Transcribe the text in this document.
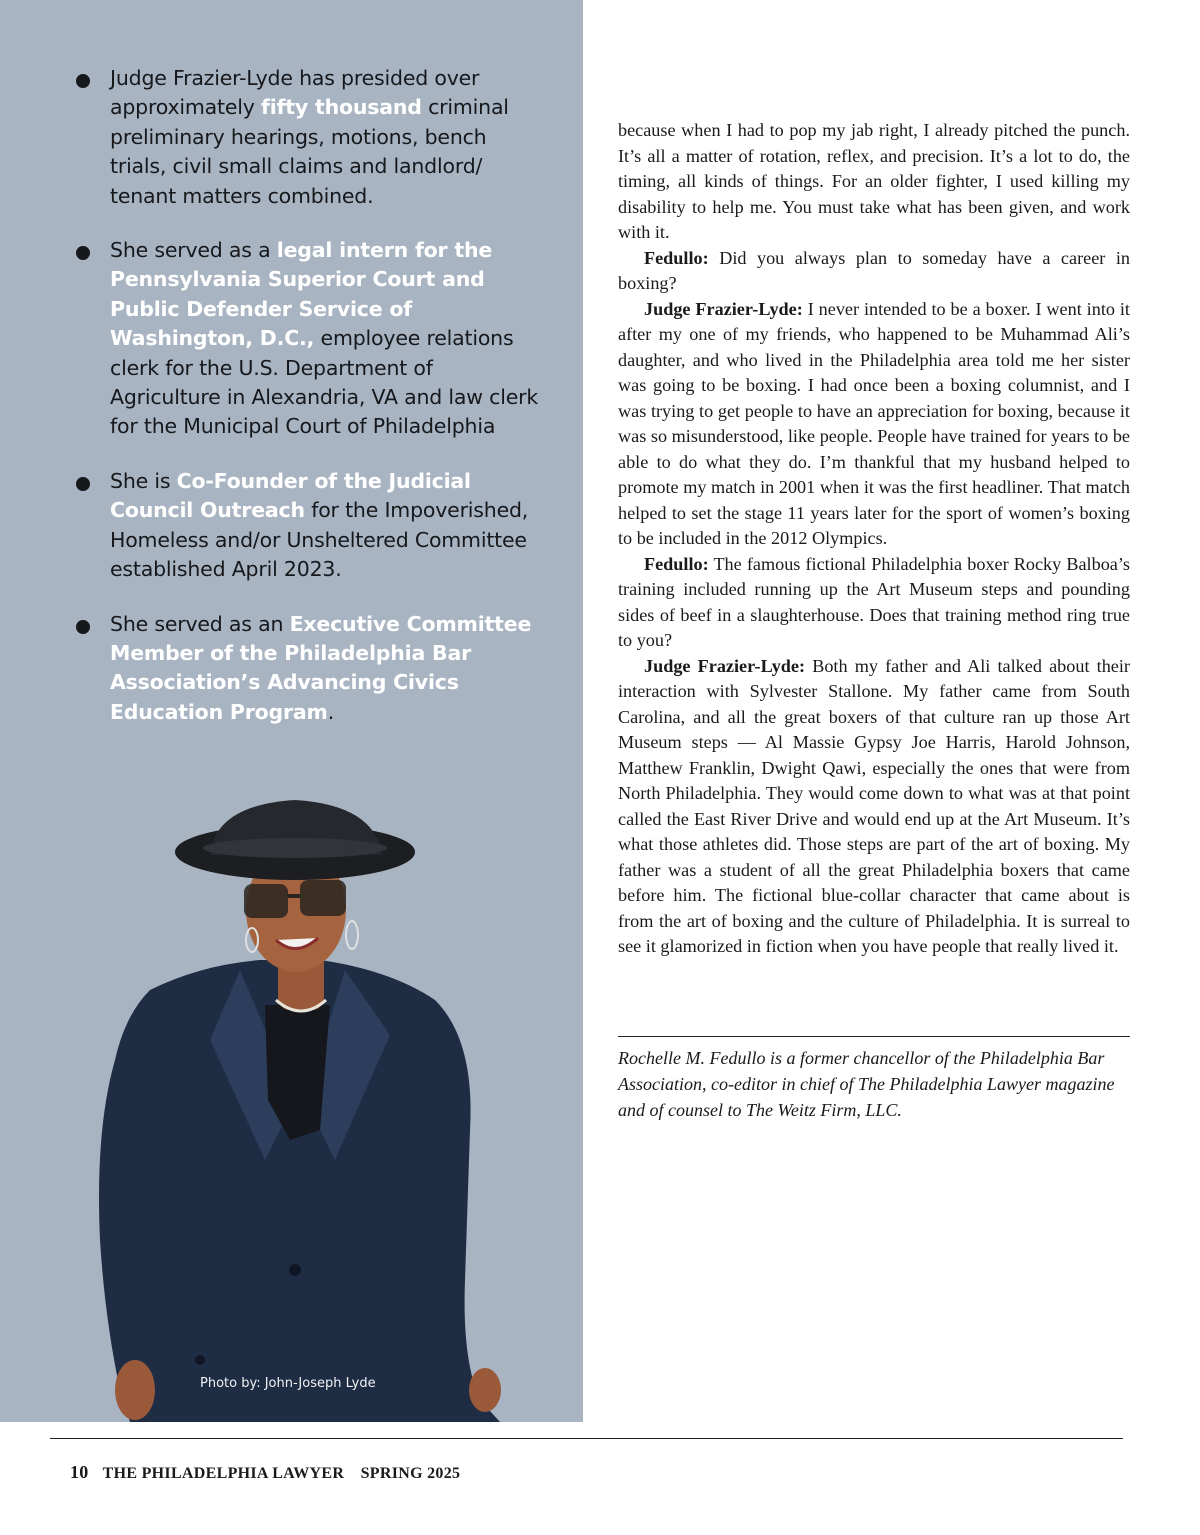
Judge Frazier-Lyde has presided over approximately fifty thousand criminal preliminary hearings, motions, bench trials, civil small claims and landlord/ tenant matters combined.
She served as a legal intern for the Pennsylvania Superior Court and Public Defender Service of Washington, D.C., employee relations clerk for the U.S. Department of Agriculture in Alexandria, VA and law clerk for the Municipal Court of Philadelphia
She is Co-Founder of the Judicial Council Outreach for the Impoverished, Homeless and/or Unsheltered Committee established April 2023.
She served as an Executive Committee Member of the Philadelphia Bar Association’s Advancing Civics Education Program.
Photo by: John-Joseph Lyde

because when I had to pop my jab right, I already pitched the punch. It’s all a matter of rotation, reflex, and precision. It’s a lot to do, the timing, all kinds of things. For an older fighter, I used killing my disability to help me. You must take what has been given, and work with it.

Fedullo: Did you always plan to someday have a career in boxing?

Judge Frazier-Lyde: I never intended to be a boxer. I went into it after my one of my friends, who happened to be Muhammad Ali’s daughter, and who lived in the Philadelphia area told me her sister was going to be boxing. I had once been a boxing columnist, and I was trying to get people to have an appreciation for boxing, because it was so misunderstood, like people. People have trained for years to be able to do what they do. I’m thankful that my husband helped to promote my match in 2001 when it was the first headliner. That match helped to set the stage 11 years later for the sport of women’s boxing to be included in the 2012 Olympics.

Fedullo: The famous fictional Philadelphia boxer Rocky Balboa’s training included running up the Art Museum steps and pounding sides of beef in a slaughterhouse. Does that training method ring true to you?

Judge Frazier-Lyde: Both my father and Ali talked about their interaction with Sylvester Stallone. My father came from South Carolina, and all the great boxers of that culture ran up those Art Museum steps — Al Massie Gypsy Joe Harris, Harold Johnson, Matthew Franklin, Dwight Qawi, especially the ones that were from North Philadelphia. They would come down to what was at that point called the East River Drive and would end up at the Art Museum. It’s what those athletes did. Those steps are part of the art of boxing. My father was a student of all the great Philadelphia boxers that came before him. The fictional blue-collar character that came about is from the art of boxing and the culture of Philadelphia. It is surreal to see it glamorized in fiction when you have people that really lived it.

Rochelle M. Fedullo is a former chancellor of the Philadelphia Bar Association, co-editor in chief of The Philadelphia Lawyer magazine and of counsel to The Weitz Firm, LLC.
10 THE PHILADELPHIA LAWYER SPRING 2025
